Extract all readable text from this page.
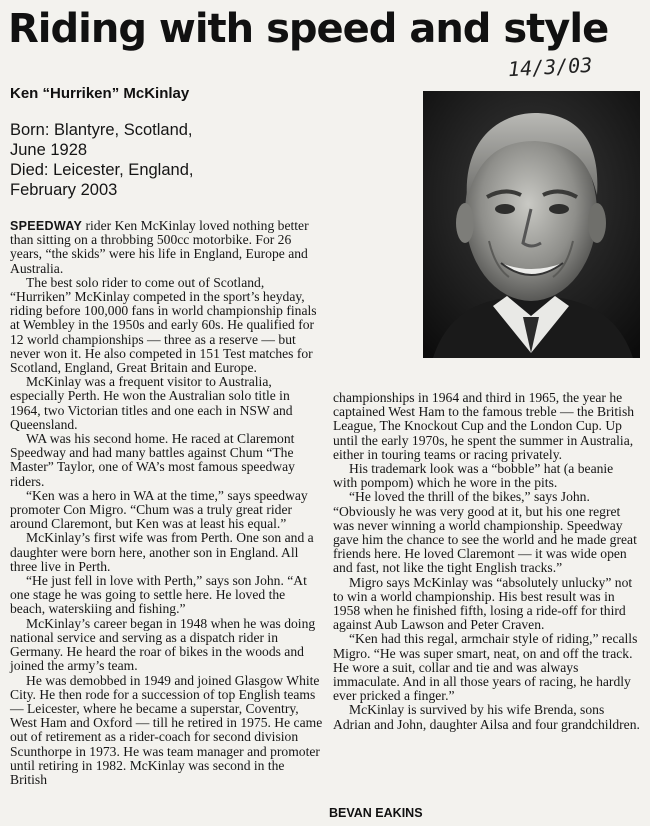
Riding with speed and style
14/3/03
Ken “Hurriken” McKinlay
Born: Blantyre, Scotland,
June 1928
Died: Leicester, England,
February 2003

SPEEDWAY rider Ken McKinlay loved nothing better than sitting on a throbbing 500cc motorbike. For 26 years, “the skids” were his life in England, Europe and Australia.

The best solo rider to come out of Scotland, “Hurriken” McKinlay competed in the sport’s heyday, riding before 100,000 fans in world championship finals at Wembley in the 1950s and early 60s. He qualified for 12 world championships — three as a reserve — but never won it. He also competed in 151 Test matches for Scotland, England, Great Britain and Europe.

McKinlay was a frequent visitor to Australia, especially Perth. He won the Australian solo title in 1964, two Victorian titles and one each in NSW and Queensland.

WA was his second home. He raced at Claremont Speedway and had many battles against Chum “The Master” Taylor, one of WA’s most famous speedway riders.

“Ken was a hero in WA at the time,” says speedway promoter Con Migro. “Chum was a truly great rider around Claremont, but Ken was at least his equal.”

McKinlay’s first wife was from Perth. One son and a daughter were born here, another son in England. All three live in Perth.

“He just fell in love with Perth,” says son John. “At one stage he was going to settle here. He loved the beach, waterskiing and fishing.”

McKinlay’s career began in 1948 when he was doing national service and serving as a dispatch rider in Germany. He heard the roar of bikes in the woods and joined the army’s team.

He was demobbed in 1949 and joined Glasgow White City. He then rode for a succession of top English teams — Leicester, where he became a superstar, Coventry, West Ham and Oxford — till he retired in 1975. He came out of retirement as a rider-coach for second division Scunthorpe in 1973. He was team manager and promoter until retiring in 1982. McKinlay was second in the British

championships in 1964 and third in 1965, the year he captained West Ham to the famous treble — the British League, The Knockout Cup and the London Cup. Up until the early 1970s, he spent the summer in Australia, either in touring teams or racing privately.

His trademark look was a “bobble” hat (a beanie with pompom) which he wore in the pits.

“He loved the thrill of the bikes,” says John. “Obviously he was very good at it, but his one regret was never winning a world championship. Speedway gave him the chance to see the world and he made great friends here. He loved Claremont — it was wide open and fast, not like the tight English tracks.”

Migro says McKinlay was “absolutely unlucky” not to win a world championship. His best result was in 1958 when he finished fifth, losing a ride-off for third against Aub Lawson and Peter Craven.

“Ken had this regal, armchair style of riding,” recalls Migro. “He was super smart, neat, on and off the track. He wore a suit, collar and tie and was always immaculate. And in all those years of racing, he hardly ever pricked a finger.”

McKinlay is survived by his wife Brenda, sons Adrian and John, daughter Ailsa and four grandchildren.

BEVAN EAKINS
